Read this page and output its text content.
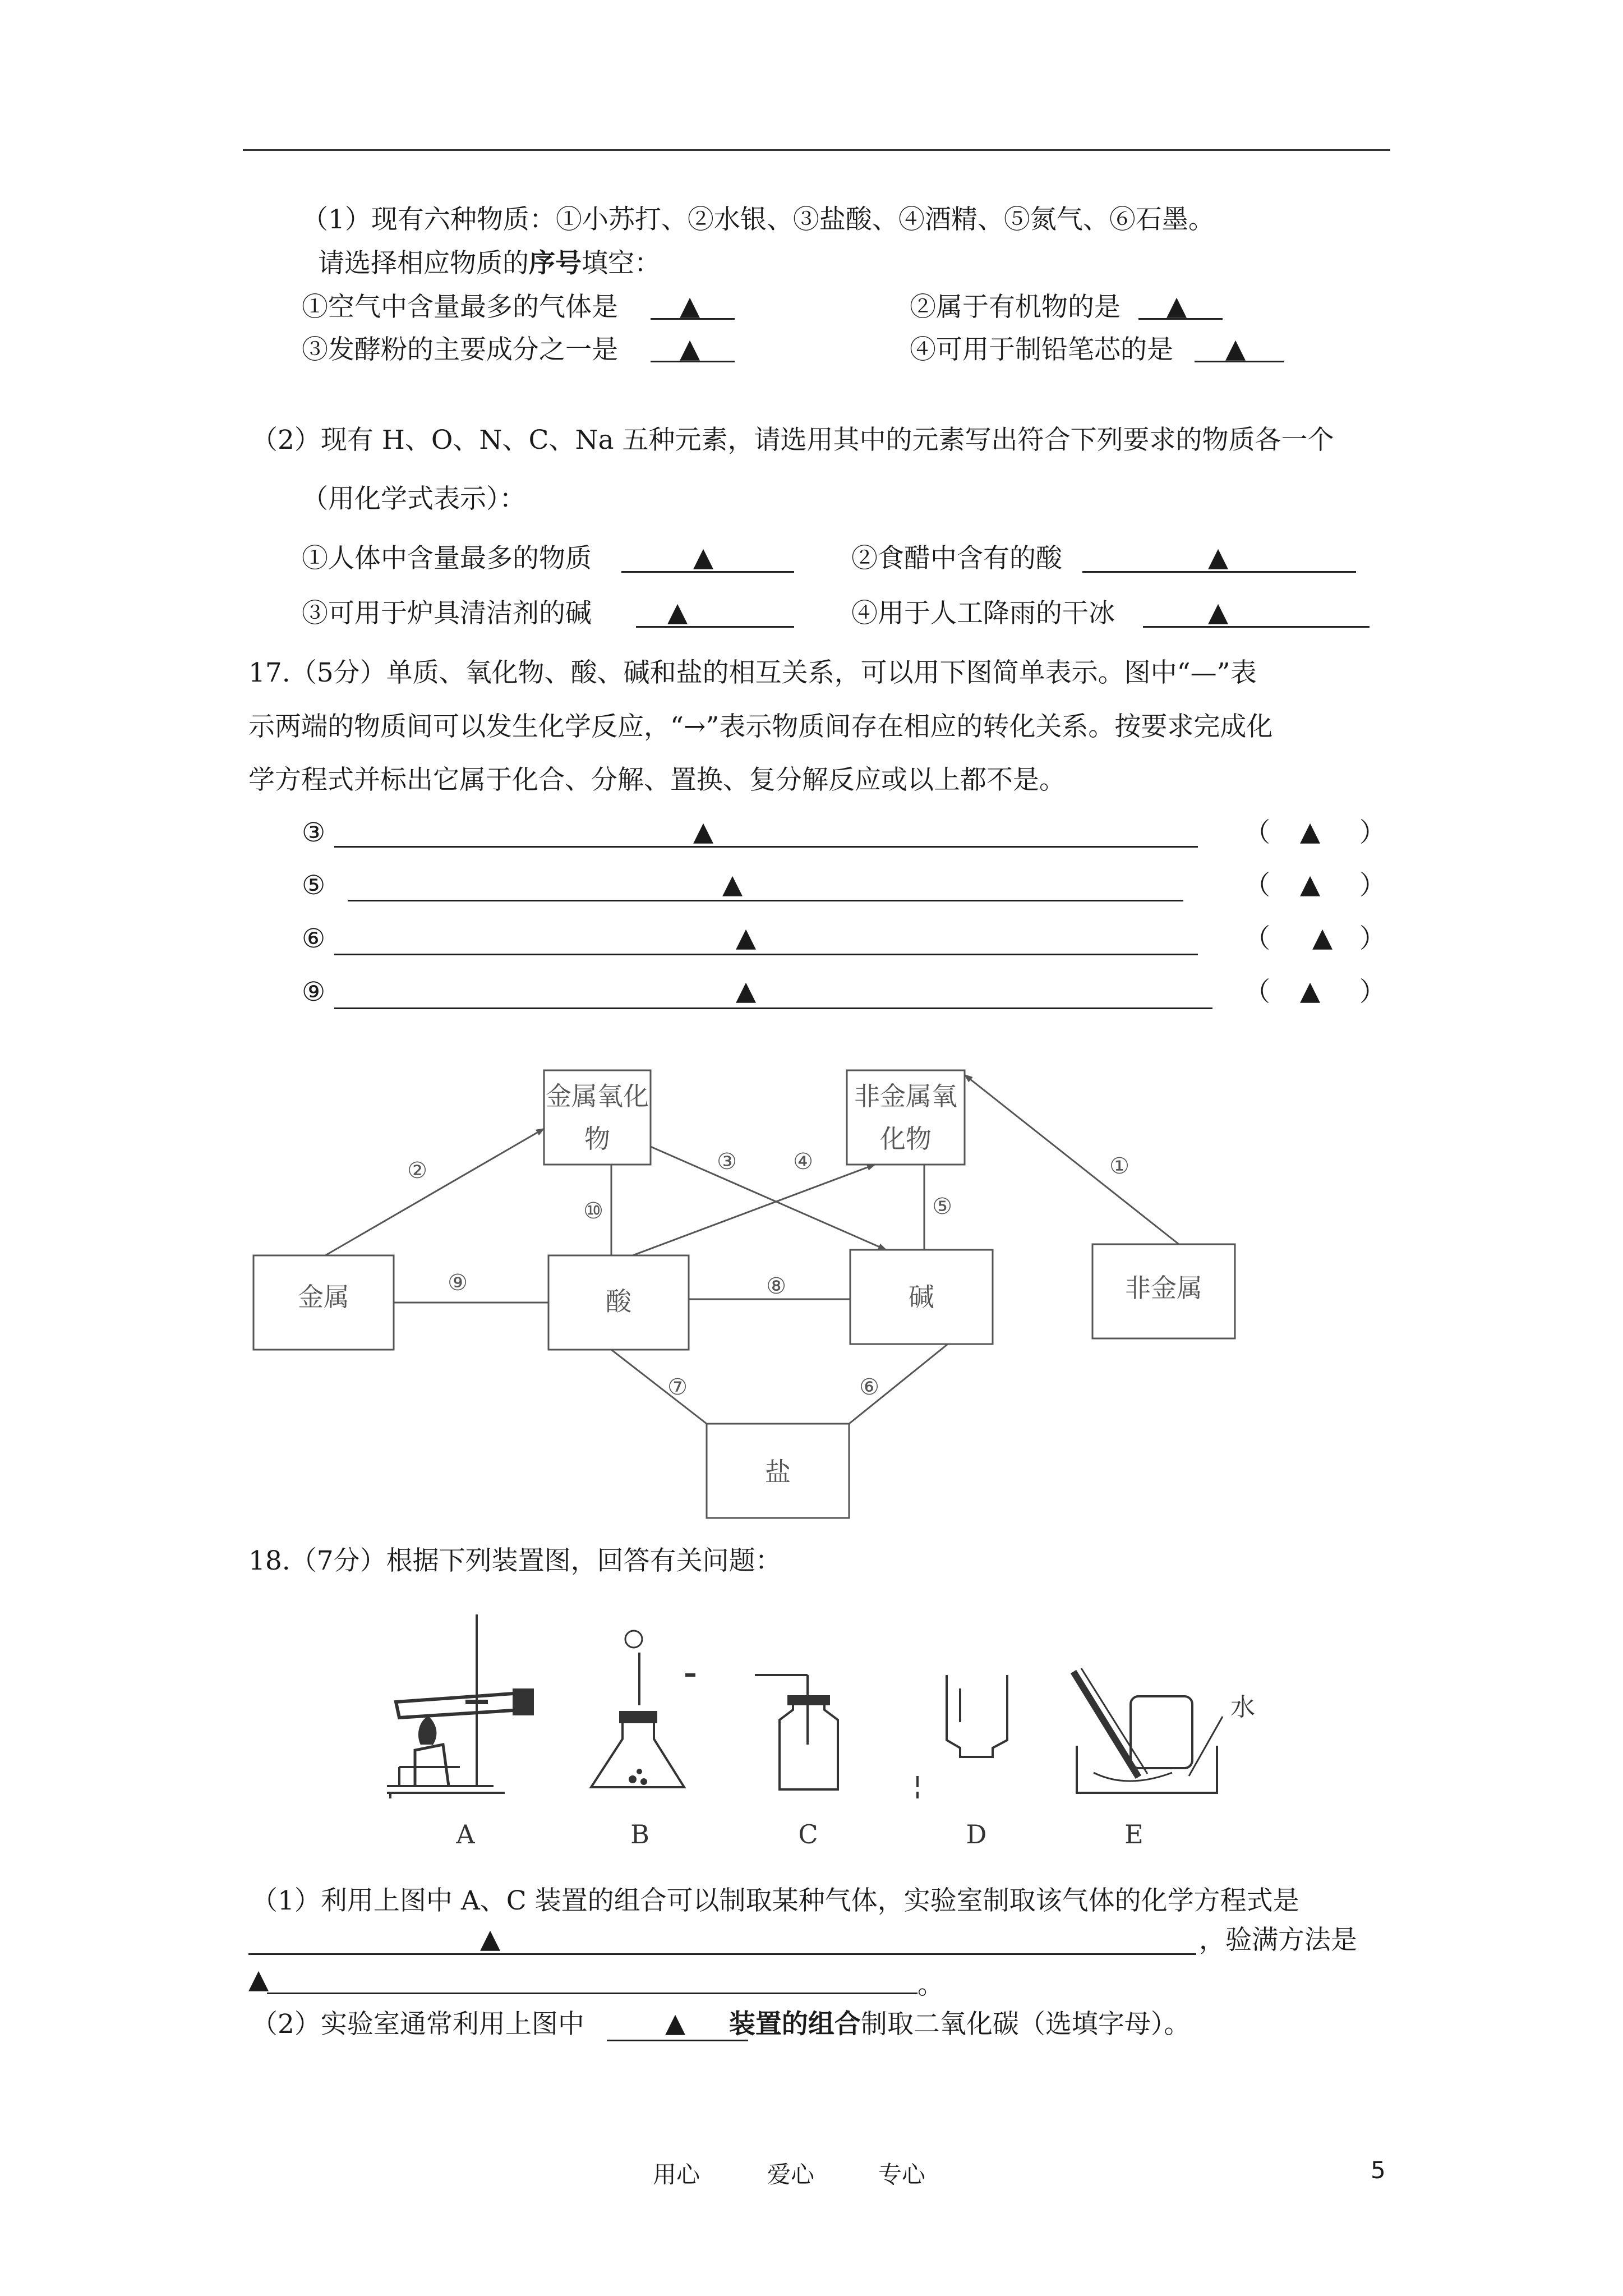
（1）现有六种物质：①小苏打、②水银、③盐酸、④酒精、⑤氮气、⑥石墨。
请选择相应物质的序号填空：
①空气中含量最多的气体是 ▲	②属于有机物的是 ▲
③发酵粉的主要成分之一是 ▲	④可用于制铅笔芯的是 ▲
（2）现有 H、O、N、C、Na 五种元素，请选用其中的元素写出符合下列要求的物质各一个
（用化学式表示）：
①人体中含量最多的物质	▲	②食醋中含有的酸	▲
③可用于炉具清洁剂的碱	▲	④用于人工降雨的干冰	▲
17.（5分）单质、氧化物、酸、碱和盐的相互关系，可以用下图简单表示。图中“—”表
示两端的物质间可以发生化学反应，“→”表示物质间存在相应的转化关系。按要求完成化
学方程式并标出它属于化合、分解、置换、复分解反应或以上都不是。
③	▲	（ ▲ ）
⑤	▲	（ ▲ ）
⑥	▲	（ ▲ ）
⑨	▲	（ ▲ ）
金属氧化
物
非金属氧
化物
金属	酸	碱	非金属
盐
①
②	③	④
⑤
⑥
⑦
⑧
⑨
⑩
18.（7分）根据下列装置图，回答有关问题：
A	B	C	D	E
水
（1）利用上图中 A、C 装置的组合可以制取某种气体，实验室制取该气体的化学方程式是
▲	，验满方法是
▲	。
（2）实验室通常利用上图中	装置的组合制取二氧化碳（选填字母）。
▲
用心	爱心	专心	5
